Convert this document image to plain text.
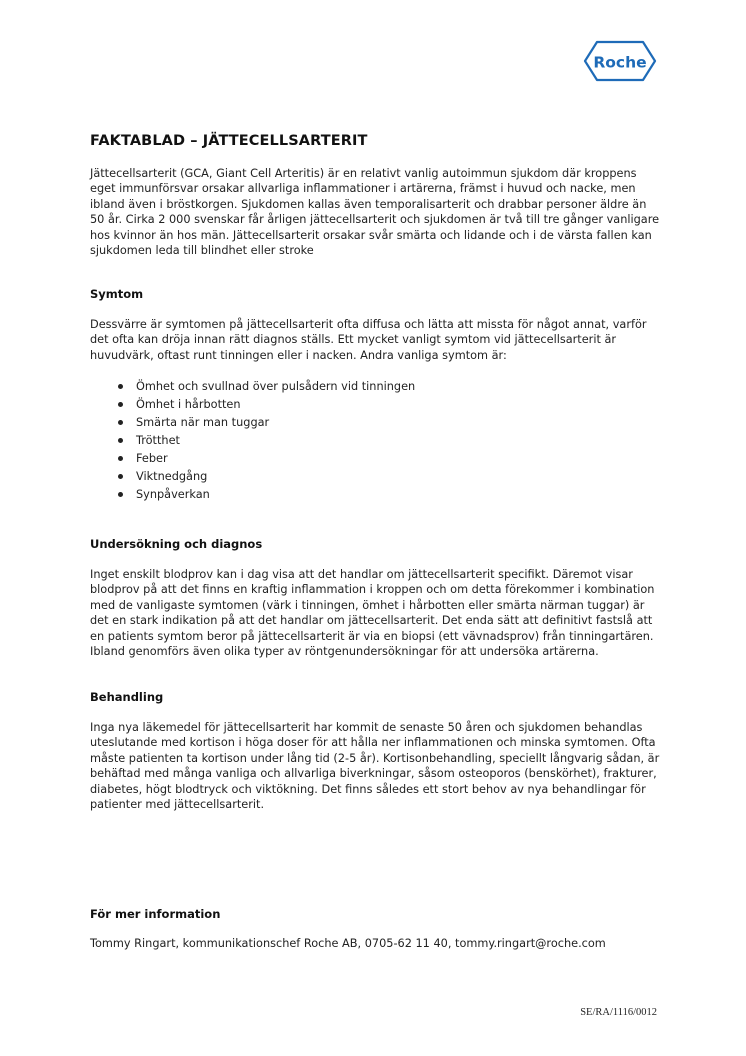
Roche
FAKTABLAD – JÄTTECELLSARTERIT

Jättecellsarterit (GCA, Giant Cell Arteritis) är en relativt vanlig autoimmun sjukdom där kroppens eget immunförsvar orsakar allvarliga inflammationer i artärerna, främst i huvud och nacke, men ibland även i bröstkorgen. Sjukdomen kallas även temporalisarterit och drabbar personer äldre än 50 år. Cirka 2 000 svenskar får årligen jättecellsarterit och sjukdomen är två till tre gånger vanligare hos kvinnor än hos män. Jättecellsarterit orsakar svår smärta och lidande och i de värsta fallen kan sjukdomen leda till blindhet eller stroke

Symtom

Dessvärre är symtomen på jättecellsarterit ofta diffusa och lätta att missta för något annat, varför det ofta kan dröja innan rätt diagnos ställs. Ett mycket vanligt symtom vid jättecellsarterit är huvudvärk, oftast runt tinningen eller i nacken. Andra vanliga symtom är:

Ömhet och svullnad över pulsådern vid tinningen
Ömhet i hårbotten
Smärta när man tuggar
Trötthet
Feber
Viktnedgång
Synpåverkan
Undersökning och diagnos

Inget enskilt blodprov kan i dag visa att det handlar om jättecellsarterit specifikt. Däremot visar blodprov på att det finns en kraftig inflammation i kroppen och om detta förekommer i kombination med de vanligaste symtomen (värk i tinningen, ömhet i hårbotten eller smärta närman tuggar) är det en stark indikation på att det handlar om jättecellsarterit. Det enda sätt att definitivt fastslå att en patients symtom beror på jättecellsarterit är via en biopsi (ett vävnadsprov) från tinningartären. Ibland genomförs även olika typer av röntgenundersökningar för att undersöka artärerna.

Behandling

Inga nya läkemedel för jättecellsarterit har kommit de senaste 50 åren och sjukdomen behandlas uteslutande med kortison i höga doser för att hålla ner inflammationen och minska symtomen. Ofta måste patienten ta kortison under lång tid (2-5 år). Kortisonbehandling, speciellt långvarig sådan, är behäftad med många vanliga och allvarliga biverkningar, såsom osteoporos (benskörhet), frakturer, diabetes, högt blodtryck och viktökning. Det finns således ett stort behov av nya behandlingar för patienter med jättecellsarterit.

För mer information

Tommy Ringart, kommunikationschef Roche AB, 0705-62 11 40, tommy.ringart@roche.com

SE/RA/1116/0012
